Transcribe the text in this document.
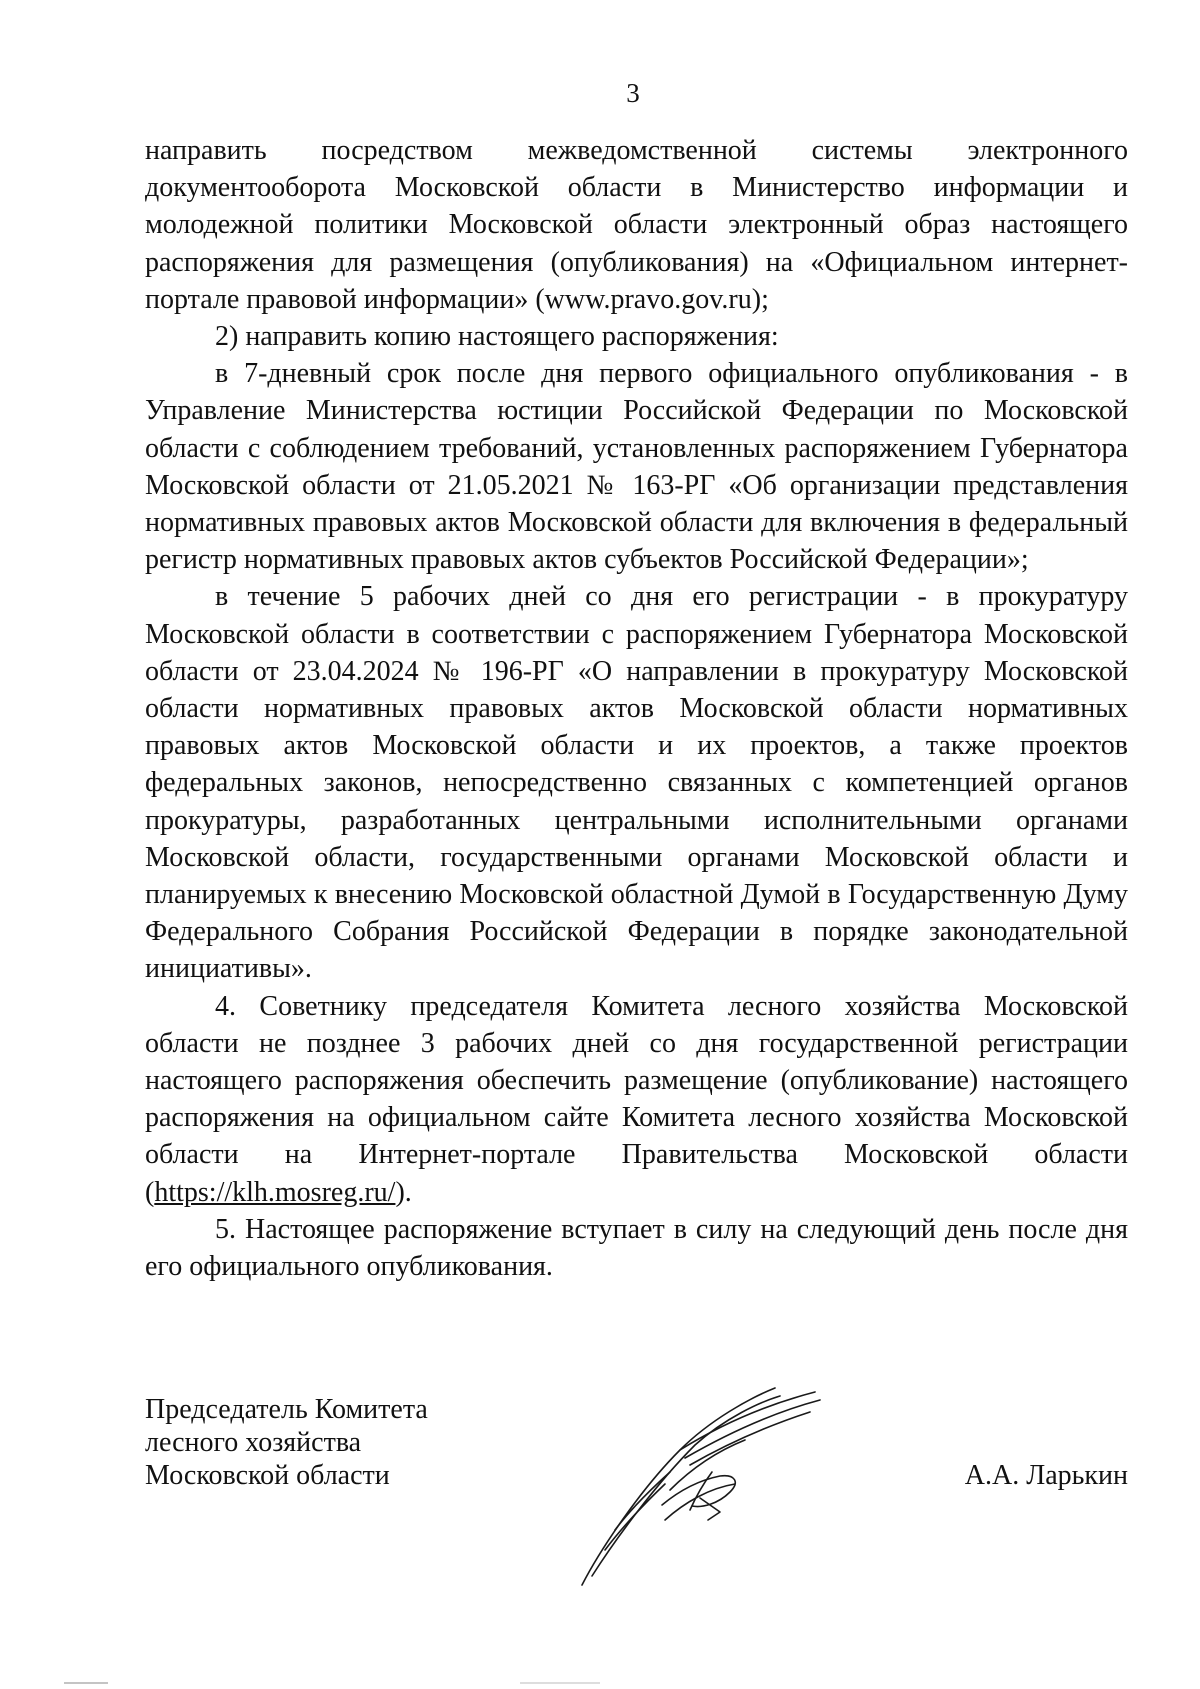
3

направить посредством межведомственной системы электронного документооборота Московской области в Министерство информации и молодежной политики Московской области электронный образ настоящего распоряжения для размещения (опубликования) на «Официальном интернет-портале правовой информации» (www.pravo.gov.ru);

2) направить копию настоящего распоряжения:

в 7-дневный срок после дня первого официального опубликования - в Управление Министерства юстиции Российской Федерации по Московской области с соблюдением требований, установленных распоряжением Губернатора Московской области от 21.05.2021 № 163-РГ «Об организации представления нормативных правовых актов Московской области для включения в федеральный регистр нормативных правовых актов субъектов Российской Федерации»;

в течение 5 рабочих дней со дня его регистрации - в прокуратуру Московской области в соответствии с распоряжением Губернатора Московской области от 23.04.2024 № 196-РГ «О направлении в прокуратуру Московской области нормативных правовых актов Московской области нормативных правовых актов Московской области и их проектов, а также проектов федеральных законов, непосредственно связанных с компетенцией органов прокуратуры, разработанных центральными исполнительными органами Московской области, государственными органами Московской области и планируемых к внесению Московской областной Думой в Государственную Думу Федерального Собрания Российской Федерации в порядке законодательной инициативы».

4. Советнику председателя Комитета лесного хозяйства Московской области не позднее 3 рабочих дней со дня государственной регистрации настоящего распоряжения обеспечить размещение (опубликование) настоящего распоряжения на официальном сайте Комитета лесного хозяйства Московской области на Интернет-портале Правительства Московской области (https://klh.mosreg.ru/).

5. Настоящее распоряжение вступает в силу на следующий день после дня его официального опубликования.

Председатель Комитета
лесного хозяйства
Московской области	А.А. Ларькин
